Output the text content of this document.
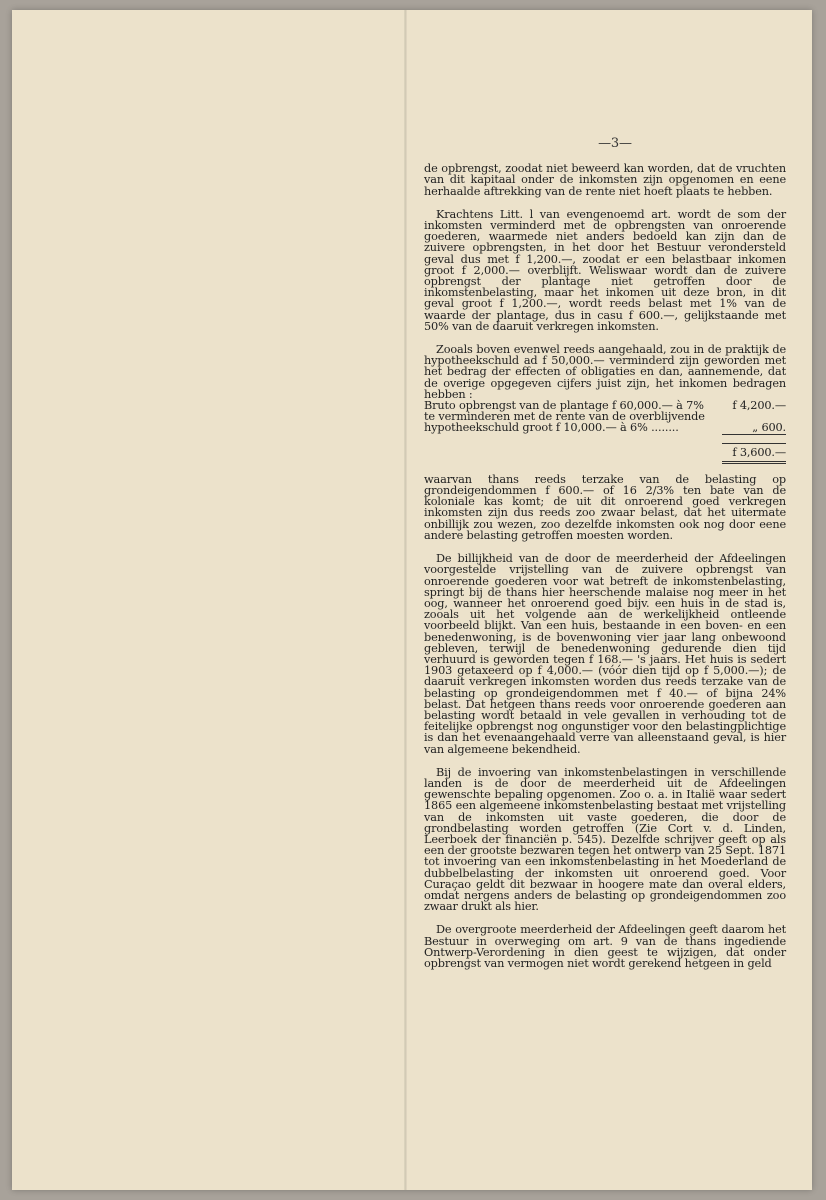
—3—

de opbrengst, zoodat niet beweerd kan worden, dat de vruchten van dit kapitaal onder de inkomsten zijn opgenomen en eene herhaalde aftrekking van de rente niet hoeft plaats te hebben.

Krachtens Litt. l van evengenoemd art. wordt de som der inkomsten verminderd met de opbrengsten van onroerende goederen, waarmede niet anders bedoeld kan zijn dan de zuivere opbrengsten, in het door het Bestuur verondersteld geval dus met f 1,200.—, zoodat er een belastbaar inkomen groot f 2,000.— overblijft. Weliswaar wordt dan de zuivere opbrengst der plantage niet getroffen door de inkomstenbelasting, maar het inkomen uit deze bron, in dit geval groot f 1,200.—, wordt reeds belast met 1% van de waarde der plantage, dus in casu f 600.—, gelijkstaande met 50% van de daaruit verkregen inkomsten.

Zooals boven evenwel reeds aangehaald, zou in de praktijk de hypotheekschuld ad f 50,000.— verminderd zijn geworden met het bedrag der effecten of obligaties en dan, aannemende, dat de overige opgegeven cijfers juist zijn, het inkomen bedragen hebben :

Bruto opbrengst van de plantage f 60,000.— à 7%	f 4,200.—
te verminderen met de rente van de overblijvende
hypotheekschuld groot f 10,000.— à 6% ........	„ 600.
f 3,600.—

waarvan thans reeds terzake van de belasting op grondeigendommen f 600.— of 16 2/3% ten bate van de koloniale kas komt; de uit dit onroerend goed verkregen inkomsten zijn dus reeds zoo zwaar belast, dat het uitermate onbillijk zou wezen, zoo dezelfde inkomsten ook nog door eene andere belasting getroffen moesten worden.

De billijkheid van de door de meerderheid der Afdeelingen voorgestelde vrijstelling van de zuivere opbrengst van onroerende goederen voor wat betreft de inkomstenbelasting, springt bij de thans hier heerschende malaise nog meer in het oog, wanneer het onroerend goed bijv. een huis in de stad is, zooals uit het volgende aan de werkelijkheid ontleende voorbeeld blijkt. Van een huis, bestaande in een boven- en een benedenwoning, is de bovenwoning vier jaar lang onbewoond gebleven, terwijl de benedenwoning gedurende dien tijd verhuurd is geworden tegen f 168.— 's jaars. Het huis is sedert 1903 getaxeerd op f 4,000.— (vóór dien tijd op f 5,000.—); de daaruit verkregen inkomsten worden dus reeds terzake van de belasting op grondeigendommen met f 40.— of bijna 24% belast. Dat hetgeen thans reeds voor onroerende goederen aan belasting wordt betaald in vele gevallen in verhouding tot de feitelijke opbrengst nog ongunstiger voor den belastingplichtige is dan het evenaangehaald verre van alleenstaand geval, is hier van algemeene bekendheid.

Bij de invoering van inkomstenbelastingen in verschillende landen is de door de meerderheid uit de Afdeelingen gewenschte bepaling opgenomen. Zoo o. a. in Italië waar sedert 1865 een algemeene inkomstenbelasting bestaat met vrijstelling van de inkomsten uit vaste goederen, die door de grondbelasting worden getroffen (Zie Cort v. d. Linden, Leerboek der financiën p. 545). Dezelfde schrijver geeft op als een der grootste bezwaren tegen het ontwerp van 25 Sept. 1871 tot invoering van een inkomstenbelasting in het Moederland de dubbelbelasting der inkomsten uit onroerend goed. Voor Curaçao geldt dit bezwaar in hoogere mate dan overal elders, omdat nergens anders de belasting op grondeigendommen zoo zwaar drukt als hier.

De overgroote meerderheid der Afdeelingen geeft daarom het Bestuur in overweging om art. 9 van de thans ingediende Ontwerp-Verordening in dien geest te wijzigen, dat onder opbrengst van vermogen niet wordt gerekend hetgeen in geld
